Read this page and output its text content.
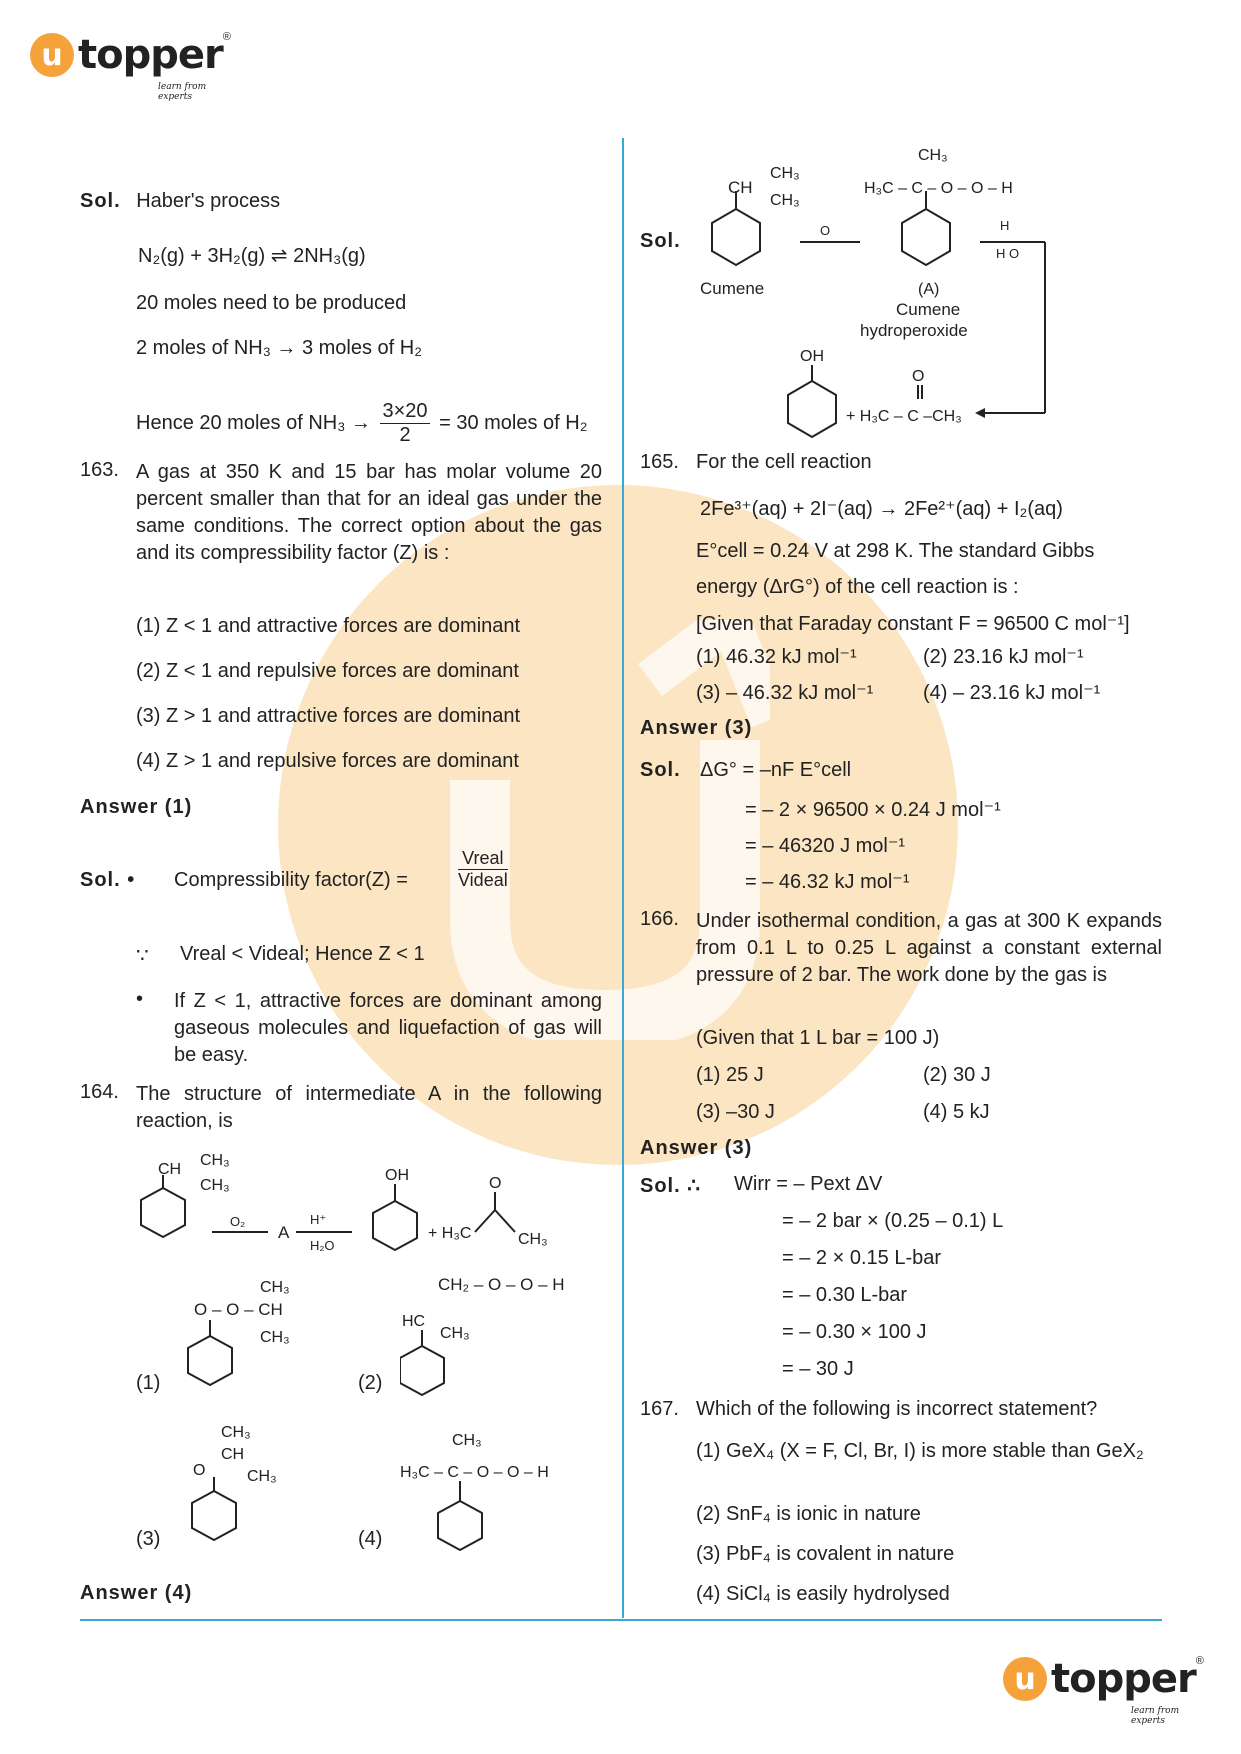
u topper ®
learn from experts
u topper ®
learn from experts
Sol. Haber's process
N₂(g) + 3H₂(g) ⇌ 2NH₃(g)
20 moles need to be produced
2 moles of NH₃ → 3 moles of H₂
Hence 20 moles of $NH_3 \to \frac{3\times 20}{2} = 30$ moles of H₂
163. A gas at 350 K and 15 bar has molar volume 20 percent smaller than that for an ideal gas under the same conditions. The correct option about the gas and its compressibility factor (Z) is :
(1) Z < 1 and attractive forces are dominant
(2) Z < 1 and repulsive forces are dominant
(3) Z > 1 and attractive forces are dominant
(4) Z > 1 and repulsive forces are dominant
Answer (1)
Sol. • Compressibility factor(Z) =
Vreal
Videal
∵ Vreal < Videal; Hence Z < 1
• If Z < 1, attractive forces are dominant among gaseous molecules and liquefaction of gas will be easy.
164. The structure of intermediate A in the following reaction, is
CH
CH₃
CH₃
O₂
A
H⁺
H₂O
OH
+ H₃C
O
CH₃
(1)
O – O – CH
CH₃
CH₃
(2)
HC
CH₃
CH₂ – O – O – H
(3)
O
CH
CH₃
CH₃
(4)
H₃C – C – O – O – H
CH₃
Answer (4)
Sol.
CH
CH₃
CH₃
Cumene
O
H₃C – C – O – O – H
CH₃
(A)
Cumene
hydroperoxide
H
H O
OH
+ H₃C – C –CH₃
O
165. For the cell reaction
2Fe³⁺(aq) + 2I⁻(aq) → 2Fe²⁺(aq) + I₂(aq)
E°cell = 0.24 V at 298 K. The standard Gibbs
energy (ΔrG°) of the cell reaction is :
[Given that Faraday constant F = 96500 C mol⁻¹]
(1) 46.32 kJ mol⁻¹	(2) 23.16 kJ mol⁻¹
(3) – 46.32 kJ mol⁻¹ (4) – 23.16 kJ mol⁻¹
Answer (3)
Sol. ΔG° = –nF E°cell
= – 2 × 96500 × 0.24 J mol⁻¹
= – 46320 J mol⁻¹
= – 46.32 kJ mol⁻¹
166. Under isothermal condition, a gas at 300 K expands from 0.1 L to 0.25 L against a constant external pressure of 2 bar. The work done by the gas is
(Given that 1 L bar = 100 J)
(1) 25 J	(2) 30 J
(3) –30 J	(4) 5 kJ
Answer (3)
Sol. ∴ Wirr = – Pext ΔV
= – 2 bar × (0.25 – 0.1) L
= – 2 × 0.15 L-bar
= – 0.30 L-bar
= – 0.30 × 100 J
= – 30 J
167. Which of the following is incorrect statement?
(1) GeX₄ (X = F, Cl, Br, I) is more stable than GeX₂
(2) SnF₄ is ionic in nature
(3) PbF₄ is covalent in nature
(4) SiCl₄ is easily hydrolysed
